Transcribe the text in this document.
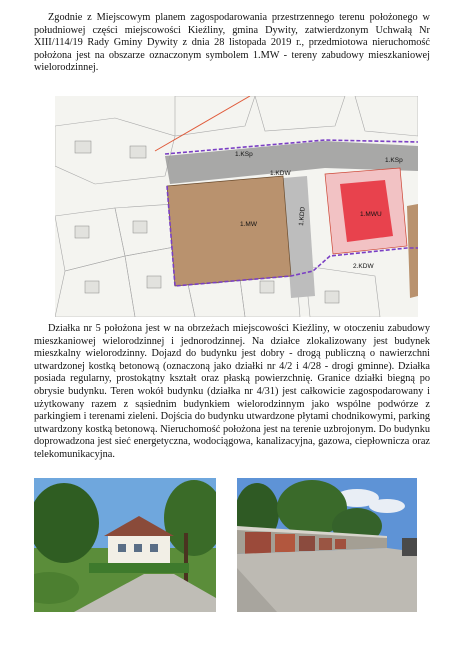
Zgodnie z Miejscowym planem zagospodarowania przestrzennego terenu położonego w południowej części miejscowości Kieźliny, gmina Dywity, zatwierdzonym Uchwałą Nr XIII/114/19 Rady Gminy Dywity z dnia 28 listopada 2019 r., przedmiotowa nieruchomość położona jest na obszarze oznaczonym symbolem 1.MW - tereny zabudowy mieszkaniowej wielorodzinnej.
1.KSp
1.KDW
1.KSp
1.MW	1.KDD	1.MWU
2.KDW
Działka nr 5 położona jest w na obrzeżach miejscowości Kieźliny, w otoczeniu zabudowy mieszkaniowej wielorodzinnej i jednorodzinnej. Na działce zlokalizowany jest budynek mieszkalny wielorodzinny. Dojazd do budynku jest dobry - drogą publiczną o nawierzchni utwardzonej kostką betonową (oznaczoną jako działki nr 4/2 i 4/28 - drogi gminne). Działka posiada regularny, prostokątny kształt oraz płaską powierzchnię. Granice działki biegną po obrysie budynku. Teren wokół budynku (działka nr 4/31) jest całkowicie zagospodarowany i użytkowany razem z sąsiednim budynkiem wielorodzinnym jako wspólne podwórze z parkingiem i terenami zieleni. Dojścia do budynku utwardzone płytami chodnikowymi, parking utwardzony kostką betonową. Nieruchomość położona jest na terenie uzbrojonym. Do budynku doprowadzona jest sieć energetyczna, wodociągowa, kanalizacyjna, gazowa, ciepłownicza oraz telekomunikacyjna.
